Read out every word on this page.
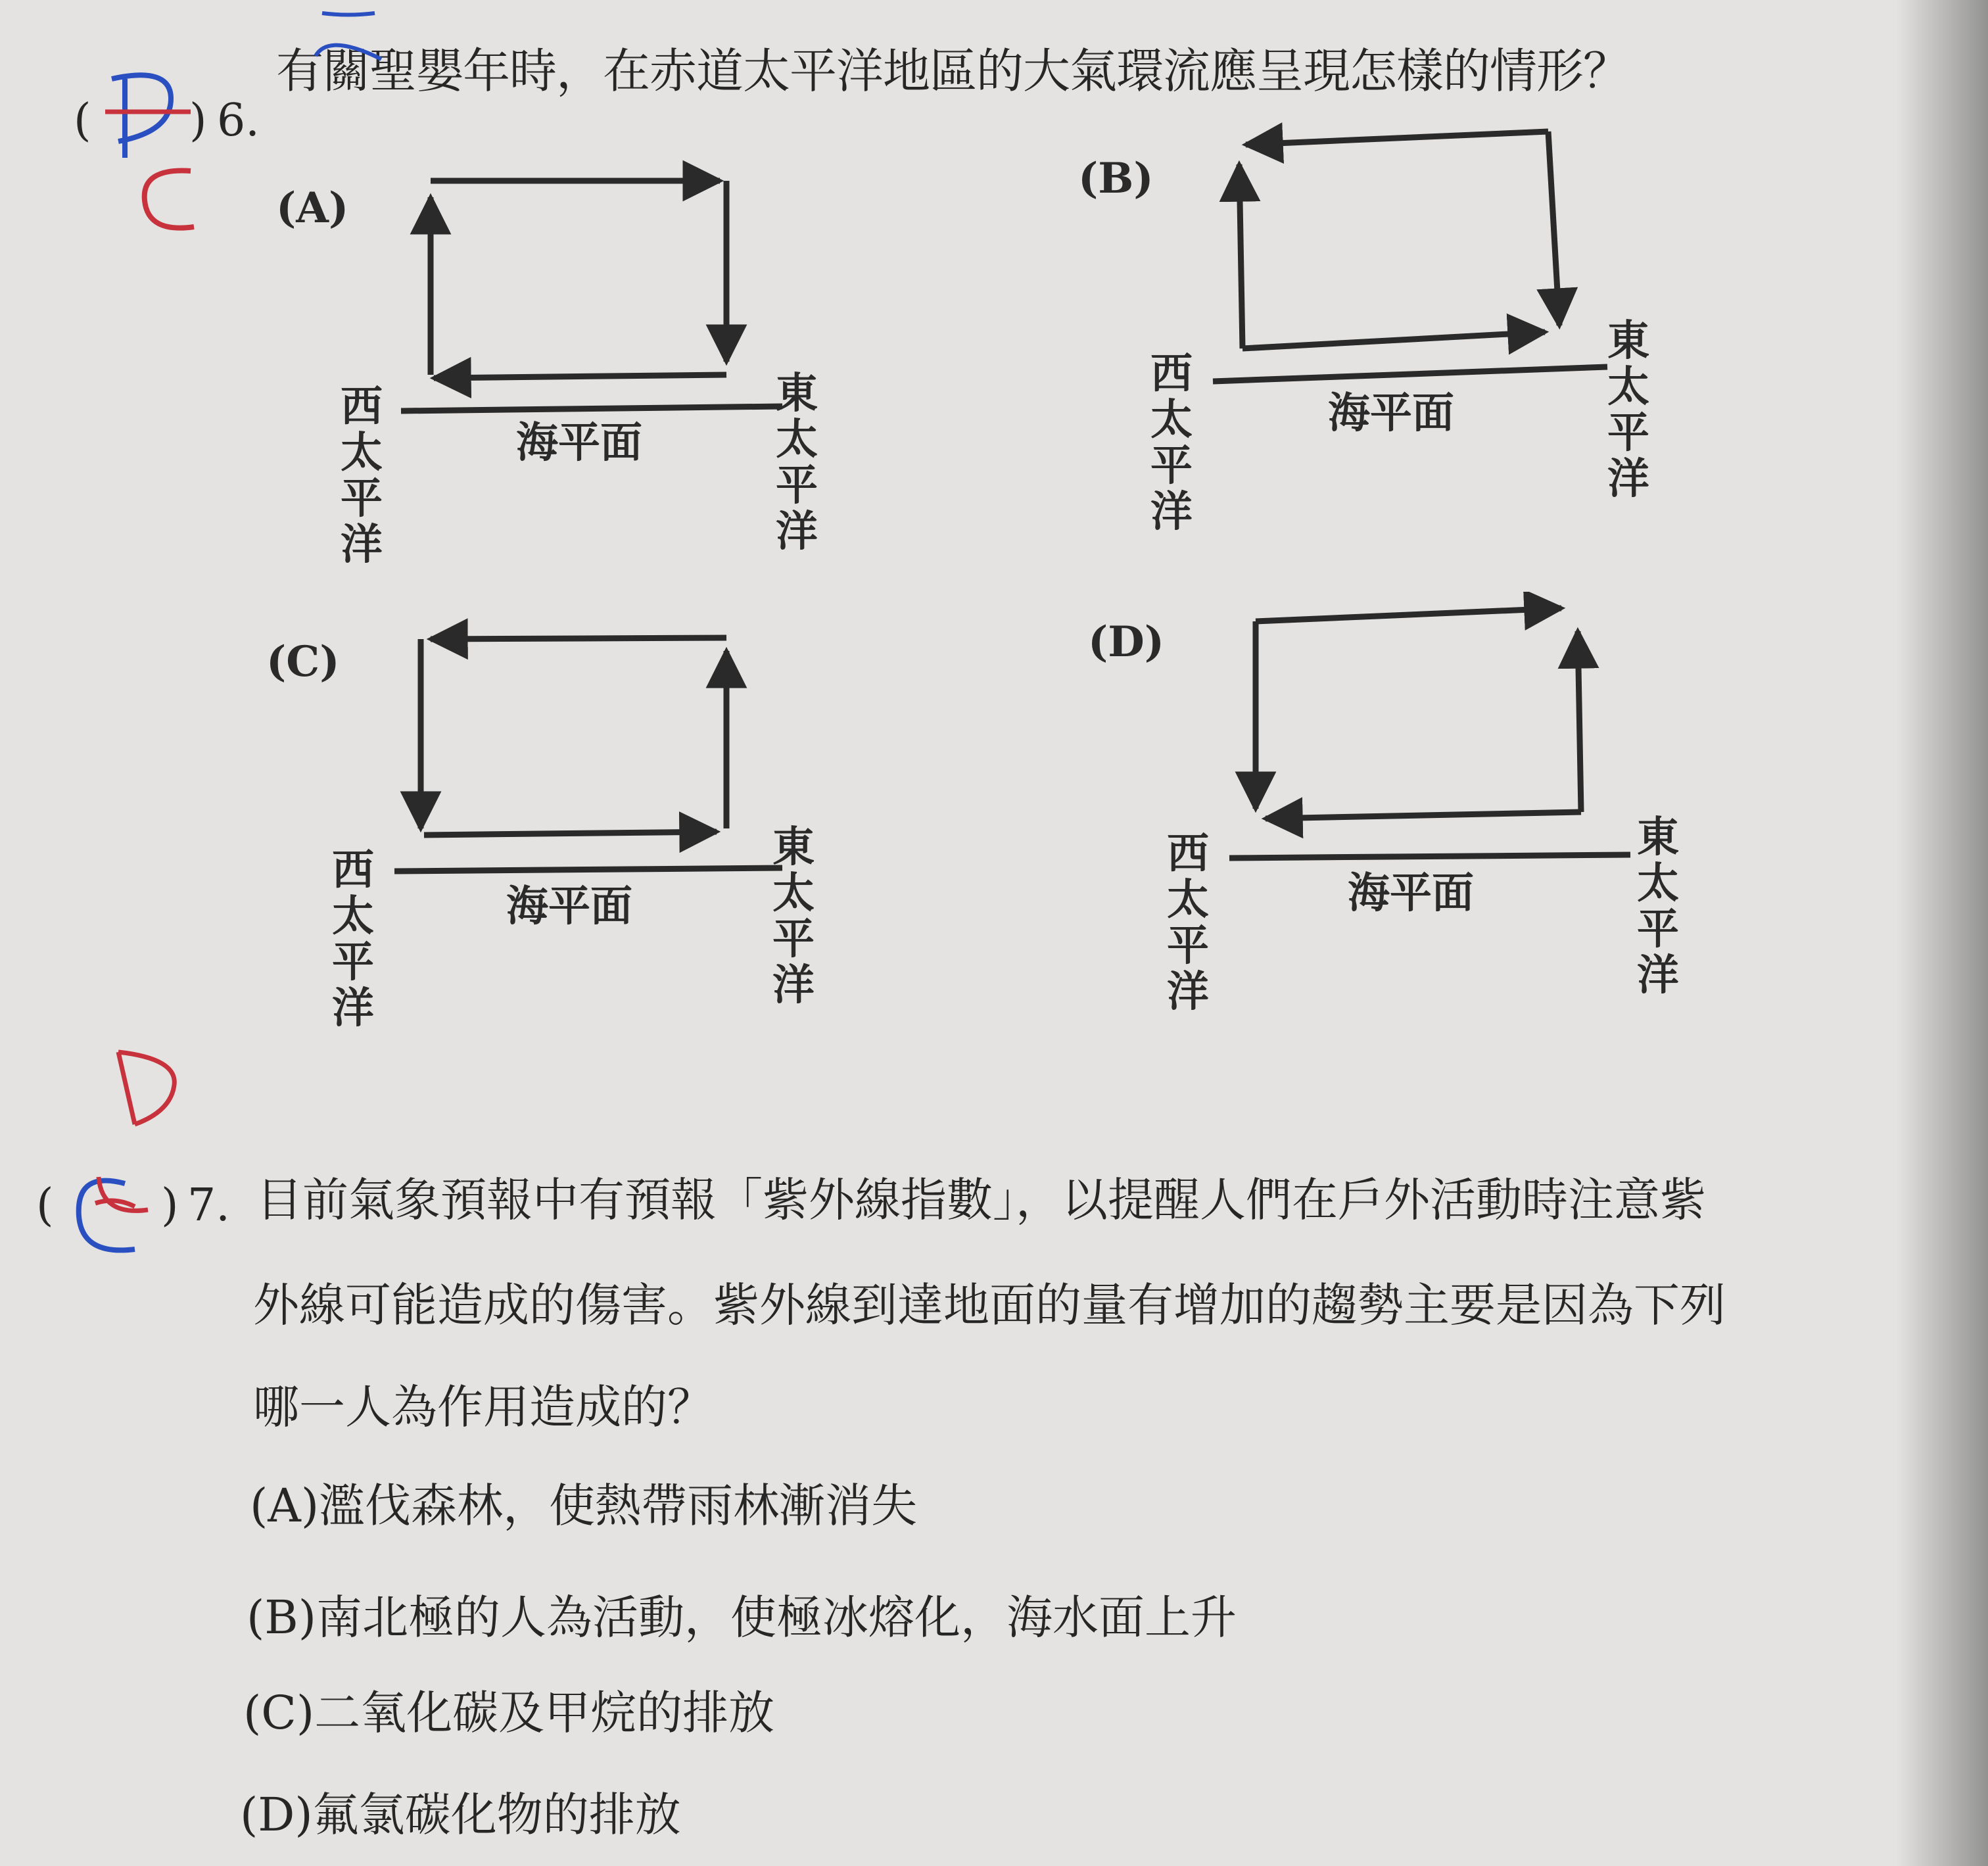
( ) 6.
有關聖嬰年時，在赤道太平洋地區的大氣環流應呈現怎樣的情形？
(A)
(B)
(C)	(D)
海平面
西
太
平
洋
東
太
平
洋
海平面
西
太
平
洋
東
太
平
洋
海平面
西
太
平
洋
東
太
平
洋
海平面
西
太
平
洋
東
太
平
洋
( ) 7. 目前氣象預報中有預報「紫外線指數」，以提醒人們在戶外活動時注意紫
外線可能造成的傷害。紫外線到達地面的量有增加的趨勢主要是因為下列
哪一人為作用造成的？
(A)濫伐森林，使熱帶雨林漸消失
(B)南北極的人為活動，使極冰熔化，海水面上升
(C)二氧化碳及甲烷的排放
(D)氟氯碳化物的排放
